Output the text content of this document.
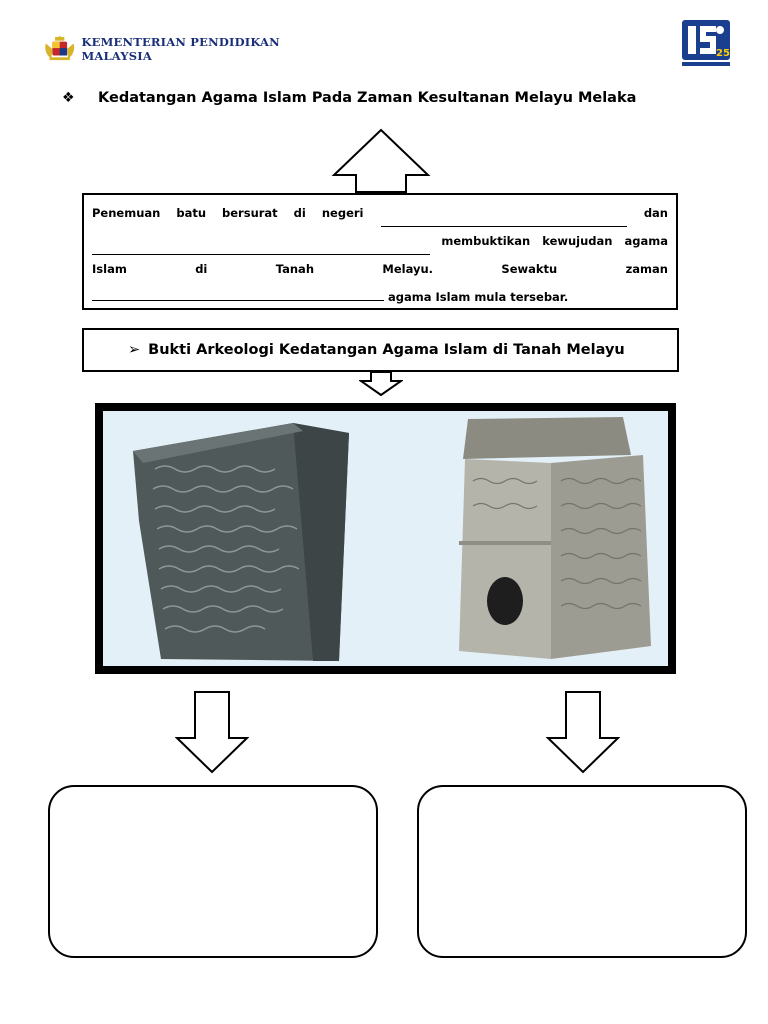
KEMENTERIAN PENDIDIKAN MALAYSIA	25
❖	Kedatangan Agama Islam Pada Zaman Kesultanan Melayu Melaka
Penemuan batu bersurat di negeri	dan
membuktikan kewujudan agama
Islam di Tanah Melayu. Sewaktu zaman
agama Islam mula tersebar.
➢ Bukti Arkeologi Kedatangan Agama Islam di Tanah Melayu
